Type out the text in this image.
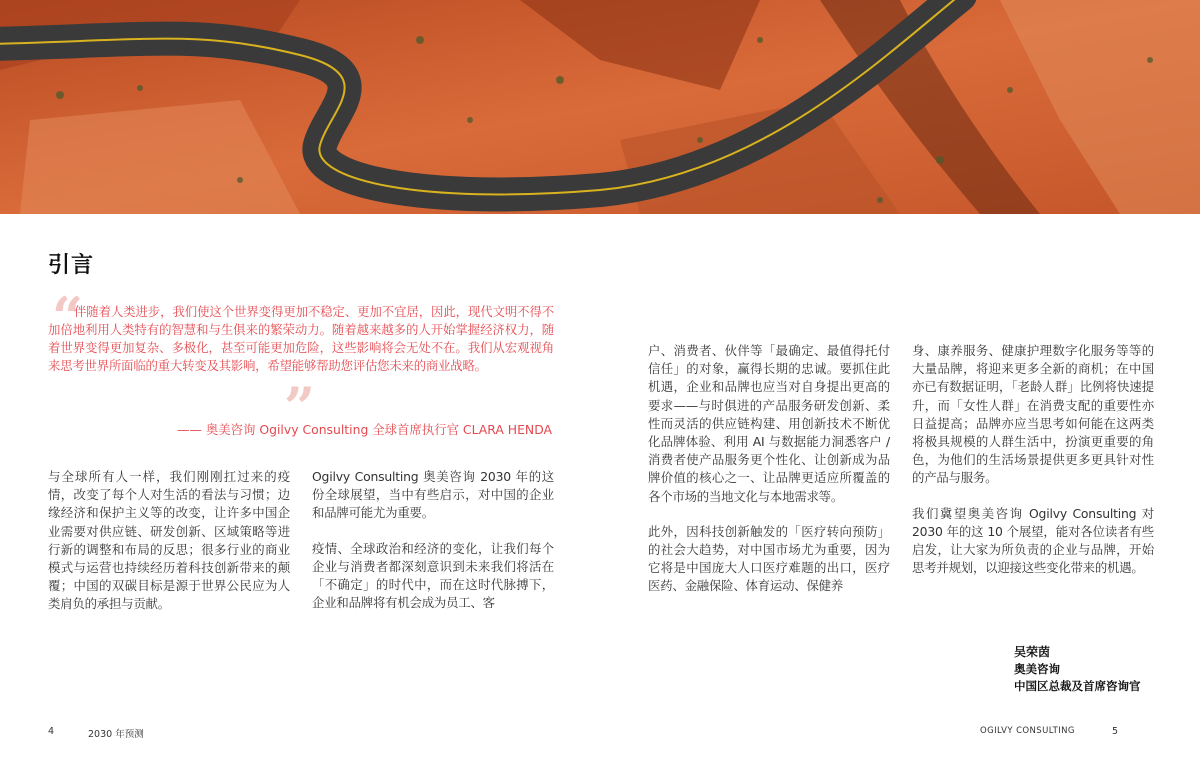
引言
“
”
伴随着人类进步，我们使这个世界变得更加不稳定、更加不宜居，因此，现代文明不得不加倍地利用人类特有的智慧和与生俱来的繁荣动力。随着越来越多的人开始掌握经济权力，随着世界变得更加复杂、多极化，甚至可能更加危险，这些影响将会无处不在。我们从宏观视角来思考世界所面临的重大转变及其影响，希望能够帮助您评估您未来的商业战略。
—— 奥美咨询 Ogilvy Consulting 全球首席执行官 CLARA HENDA

与全球所有人一样，我们刚刚扛过来的疫情，改变了每个人对生活的看法与习惯；边缘经济和保护主义等的改变，让许多中国企业需要对供应链、研发创新、区域策略等进行新的调整和布局的反思；很多行业的商业模式与运营也持续经历着科技创新带来的颠覆；中国的双碳目标是源于世界公民应为人类肩负的承担与贡献。

Ogilvy Consulting 奥美咨询 2030 年的这份全球展望，当中有些启示，对中国的企业和品牌可能尤为重要。

疫情、全球政治和经济的变化，让我们每个企业与消费者都深刻意识到未来我们将活在「不确定」的时代中，而在这时代脉搏下，企业和品牌将有机会成为员工、客

户、消费者、伙伴等「最确定、最值得托付信任」的对象，赢得长期的忠诚。要抓住此机遇，企业和品牌也应当对自身提出更高的要求——与时俱进的产品服务研发创新、柔性而灵活的供应链构建、用创新技术不断优化品牌体验、利用 AI 与数据能力洞悉客户 / 消费者使产品服务更个性化、让创新成为品牌价值的核心之一、让品牌更适应所覆盖的各个市场的当地文化与本地需求等。

此外，因科技创新触发的「医疗转向预防」的社会大趋势，对中国市场尤为重要，因为它将是中国庞大人口医疗难题的出口，医疗医药、金融保险、体育运动、保健养

身、康养服务、健康护理数字化服务等等的大量品牌，将迎来更多全新的商机；在中国亦已有数据证明，「老龄人群」比例将快速提升，而「女性人群」在消费支配的重要性亦日益提高；品牌亦应当思考如何能在这两类将极具规模的人群生活中，扮演更重要的角色，为他们的生活场景提供更多更具针对性的产品与服务。

我们冀望奥美咨询 Ogilvy Consulting 对 2030 年的这 10 个展望，能对各位读者有些启发，让大家为所负责的企业与品牌，开始思考并规划，以迎接这些变化带来的机遇。

吴荣茵
奥美咨询
中国区总裁及首席咨询官
4	2030 年预测	OGILVY CONSULTING	5
